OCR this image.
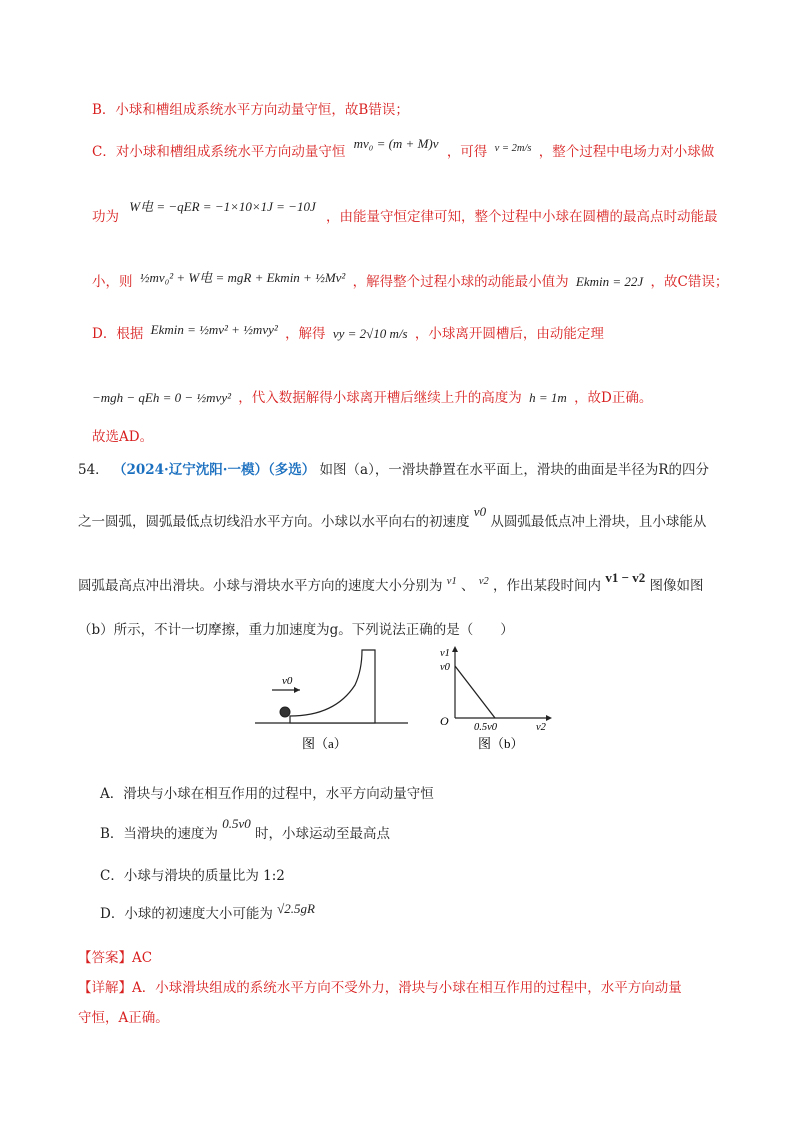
B．小球和槽组成系统水平方向动量守恒，故B错误；
C．对小球和槽组成系统水平方向动量守恒 mv₀ = (m + M)v ，可得 $^{v = 2m/s}$ ，整个过程中电场力对小球做
功为 W电 = −qER = −1×10×1J = −10J ，由能量守恒定律可知，整个过程中小球在圆槽的最高点时动能最
小，则 ½mv₀² + W电 = mgR + Ekmin + ½Mv² ，解得整个过程小球的动能最小值为 Ekmin = 22J ，故C错误；
D．根据 Ekmin = ½mv² + ½mvy² ，解得 vy = 2√10 m/s ，小球离开圆槽后，由动能定理
−mgh − qEh = 0 − ½mvy² ，代入数据解得小球离开槽后继续上升的高度为 h = 1m ，故D正确。
故选AD。
54． （2024·辽宁沈阳·一模）（多选） 如图（a），一滑块静置在水平面上，滑块的曲面是半径为R的四分
之一圆弧，圆弧最低点切线沿水平方向。小球以水平向右的初速度 v0 从圆弧最低点冲上滑块，且小球能从
圆弧最高点冲出滑块。小球与滑块水平方向的速度大小分别为 $^{v1}$ 、 $^{v2}$ ，作出某段时间内 v1 − v2 图像如图
（b）所示，不计一切摩擦，重力加速度为g。下列说法正确的是（　　）
v0
图（a）
v1
v0
O 0.5v0	v2
图（b）
A．滑块与小球在相互作用的过程中，水平方向动量守恒
B．当滑块的速度为 0.5v0 时，小球运动至最高点
C．小球与滑块的质量比为 1:2
D．小球的初速度大小可能为 √2.5gR
【答案】AC
【详解】A．小球滑块组成的系统水平方向不受外力，滑块与小球在相互作用的过程中，水平方向动量
守恒，A正确。
